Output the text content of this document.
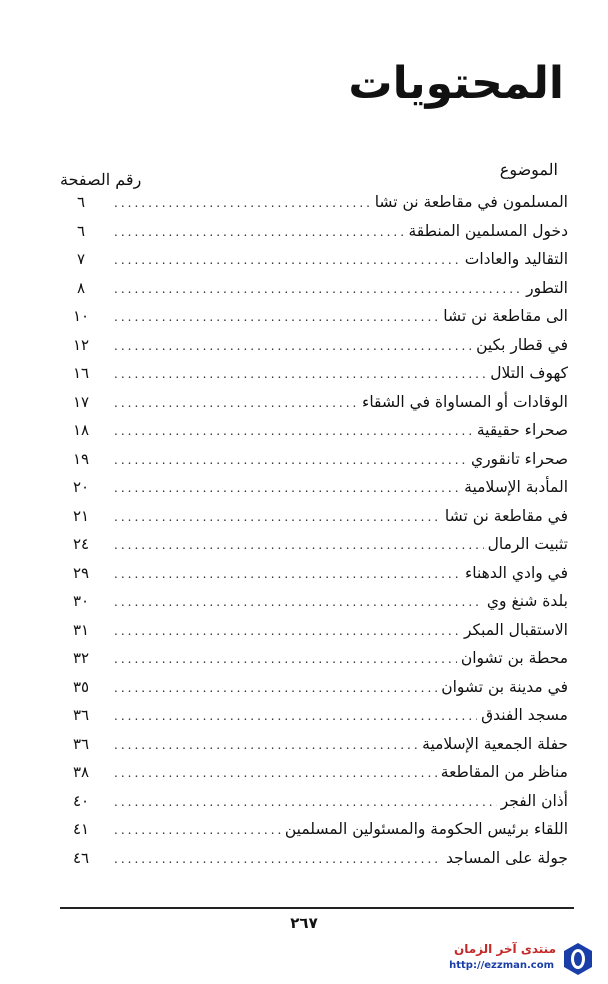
المحتويات
الموضوع
رقم الصفحة
المسلمون في مقاطعة نن تشا
.....
٦
دخول المسلمين المنطقة
.....
٦
التقاليد والعادات
.....
٧
التطور
.....
٨
الى مقاطعة نن تشا
.....
١٠
في قطار بكين
.....
١٢
كهوف التلال
.....
١٦
الوقادات أو المساواة في الشقاء
.....
١٧
صحراء حقيقية
.....
١٨
صحراء تانقوري
.....
١٩
المأدبة الإسلامية
.....
٢٠
في مقاطعة نن تشا
.....
٢١
تثبيت الرمال
.....
٢٤
في وادي الدهناء
.....
٢٩
بلدة شنغ وي
.....
٣٠
الاستقبال المبكر
.....
٣١
محطة بن تشوان
.....
٣٢
في مدينة بن تشوان
.....
٣٥
مسجد الفندق
.....
٣٦
حفلة الجمعية الإسلامية
.....
٣٦
مناظر من المقاطعة
.....
٣٨
أذان الفجر
.....
٤٠
اللقاء برئيس الحكومة والمسئولين المسلمين
.....
٤١
جولة على المساجد
.....
٤٦
٢٦٧
منتدى آخر الزمان
http://ezzman.com
